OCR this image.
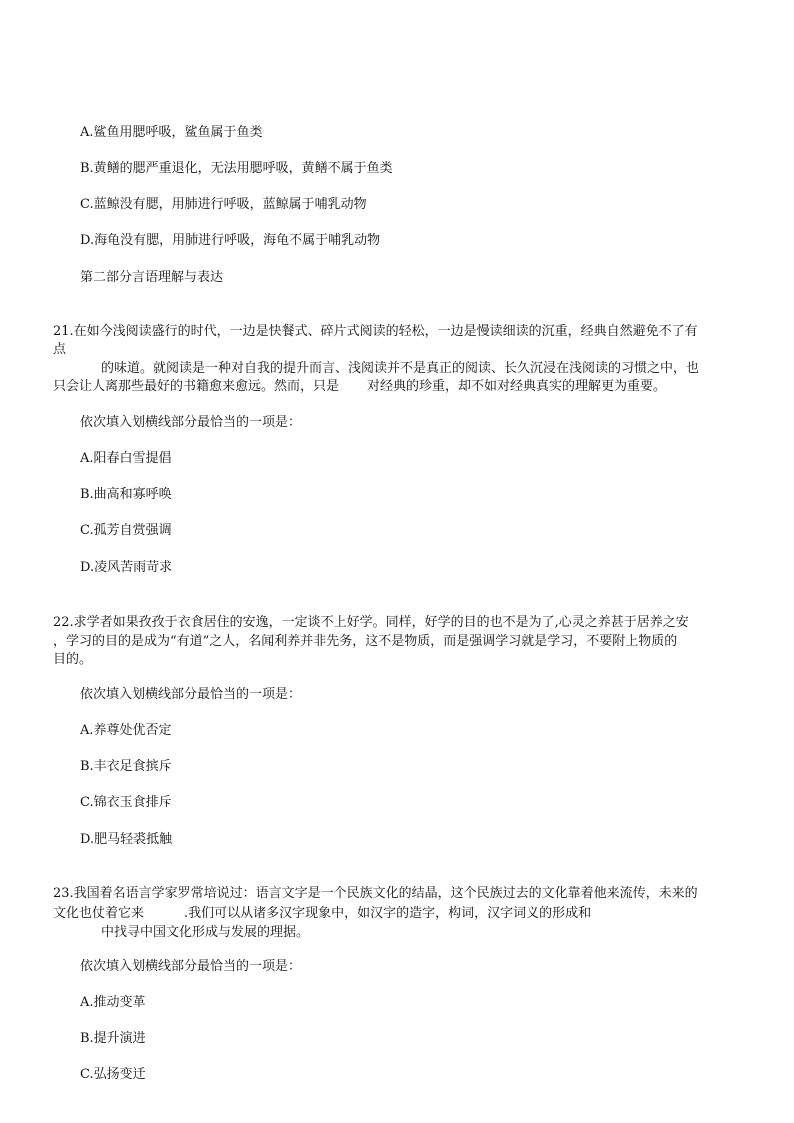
A.鲨鱼用腮呼吸，鲨鱼属于鱼类
B.黄鳝的腮严重退化，无法用腮呼吸，黄鳝不属于鱼类
C.蓝鲸没有腮，用肺进行呼吸，蓝鲸属于哺乳动物
D.海龟没有腮，用肺进行呼吸，海龟不属于哺乳动物
第二部分言语理解与表达
21.在如今浅阅读盛行的时代，一边是快餐式、碎片式阅读的轻松，一边是慢读细读的沉重，经典自然避免不了有
点
的味道。就阅读是一种对自我的提升而言、浅阅读并不是真正的阅读、长久沉浸在浅阅读的习惯之中，也
只会让人离那些最好的书籍愈来愈远。然而，只是 对经典的珍重，却不如对经典真实的理解更为重要。
依次填入划横线部分最恰当的一项是：
A.阳春白雪提倡
B.曲高和寡呼唤
C.孤芳自赏强调
D.凌风苦雨苛求
22.求学者如果孜孜于衣食居住的安逸，一定谈不上好学。同样，好学的目的也不是为了,心灵之养甚于居养之安
，学习的目的是成为“有道”之人，名闻利养并非先务，这不是物质，而是强调学习就是学习，不要附上物质的
目的。
依次填入划横线部分最恰当的一项是：
A.养尊处优否定
B.丰衣足食摈斥
C.锦衣玉食排斥
D.肥马轻裘抵触
23.我国着名语言学家罗常培说过：语言文字是一个民族文化的结晶，这个民族过去的文化靠着他来流传，未来的
文化也仗着它来	.我们可以从诸多汉字现象中，如汉字的造字，构词，汉字词义的形成和
中找寻中国文化形成与发展的理据。
依次填入划横线部分最恰当的一项是：
A.推动变革
B.提升演进
C.弘扬变迁
